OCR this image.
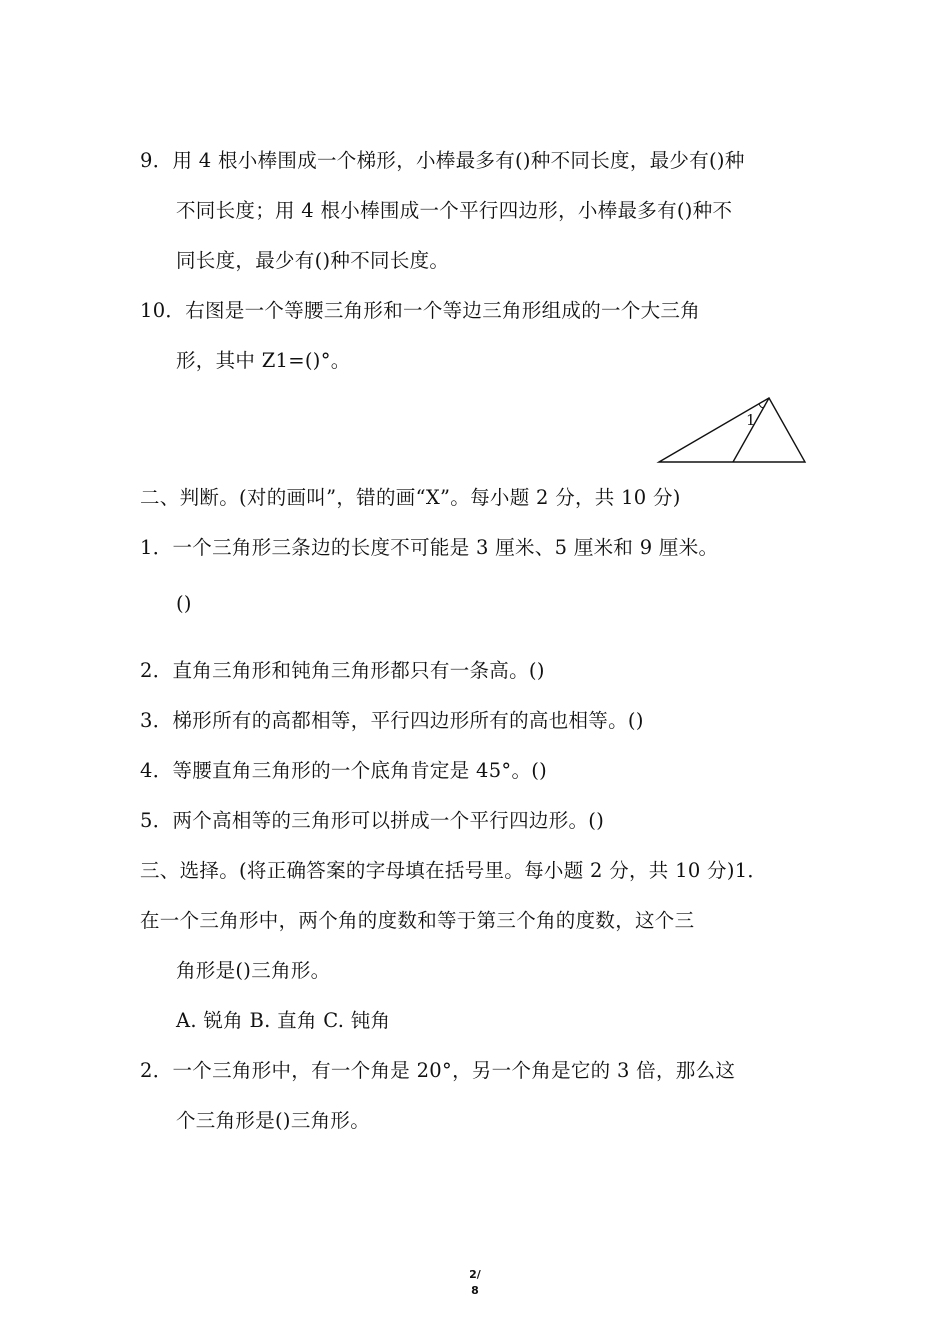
9．用 4 根小棒围成一个梯形，小棒最多有()种不同长度，最少有()种
不同长度；用 4 根小棒围成一个平行四边形，小棒最多有()种不
同长度，最少有()种不同长度。
10．右图是一个等腰三角形和一个等边三角形组成的一个大三角
形，其中 Z1=()°。
1
二、判断。(对的画叫”，错的画“X”。每小题 2 分，共 10 分)
1．一个三角形三条边的长度不可能是 3 厘米、5 厘米和 9 厘米。
()
2．直角三角形和钝角三角形都只有一条高。()
3．梯形所有的高都相等，平行四边形所有的高也相等。()
4．等腰直角三角形的一个底角肯定是 45°。()
5．两个高相等的三角形可以拼成一个平行四边形。()
三、选择。(将正确答案的字母填在括号里。每小题 2 分，共 10 分)1．
在一个三角形中，两个角的度数和等于第三个角的度数，这个三
角形是()三角形。
A. 锐角 B. 直角 C. 钝角
2．一个三角形中，有一个角是 20°，另一个角是它的 3 倍，那么这
个三角形是()三角形。
2/
8
